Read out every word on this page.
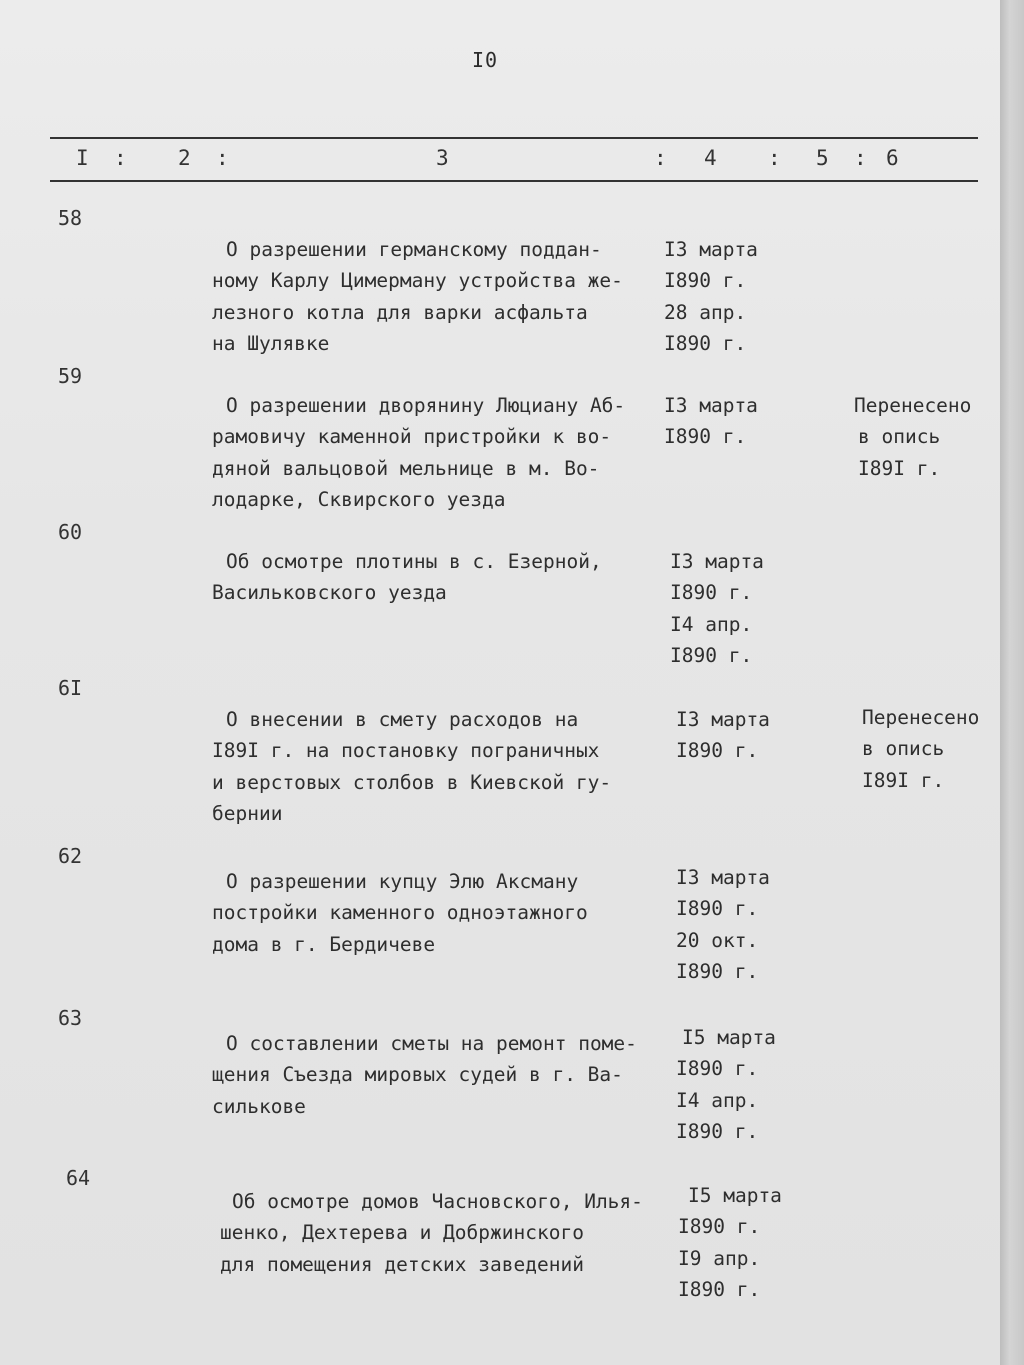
I0
I : 2 :	3	: 4 : 5 : 6
58

О разрешении германскому поддан-
ному Карлу Цимерману устройства же-
лезного котла для варки асфальта
на Шулявке

I3 марта
I890 г.
28 апр.
I890 г.

59

О разрешении дворянину Люциану Аб-
рамовичу каменной пристройки к во-
дяной вальцовой мельнице в м. Во-
лодарке, Сквирского уезда

I3 марта
I890 г.

Перенесено
в опись
I89I г.

60

Об осмотре плотины в с. Езерной,
Васильковского уезда

I3 марта
I890 г.
I4 апр.
I890 г.

6I

О внесении в смету расходов на
I89I г. на постановку пограничных
и верстовых столбов в Киевской гу-
бернии

I3 марта
I890 г.

Перенесено
в опись
I89I г.

62

О разрешении купцу Элю Аксману
постройки каменного одноэтажного
дома в г. Бердичеве

I3 марта
I890 г.
20 окт.
I890 г.

63

О составлении сметы на ремонт поме-
щения Съезда мировых судей в г. Ва-
силькове

I5 марта
I890 г.
I4 апр.
I890 г.

64

Об осмотре домов Часновского, Илья-
шенко, Дехтерева и Добржинского
для помещения детских заведений

I5 марта
I890 г.
I9 апр.
I890 г.
